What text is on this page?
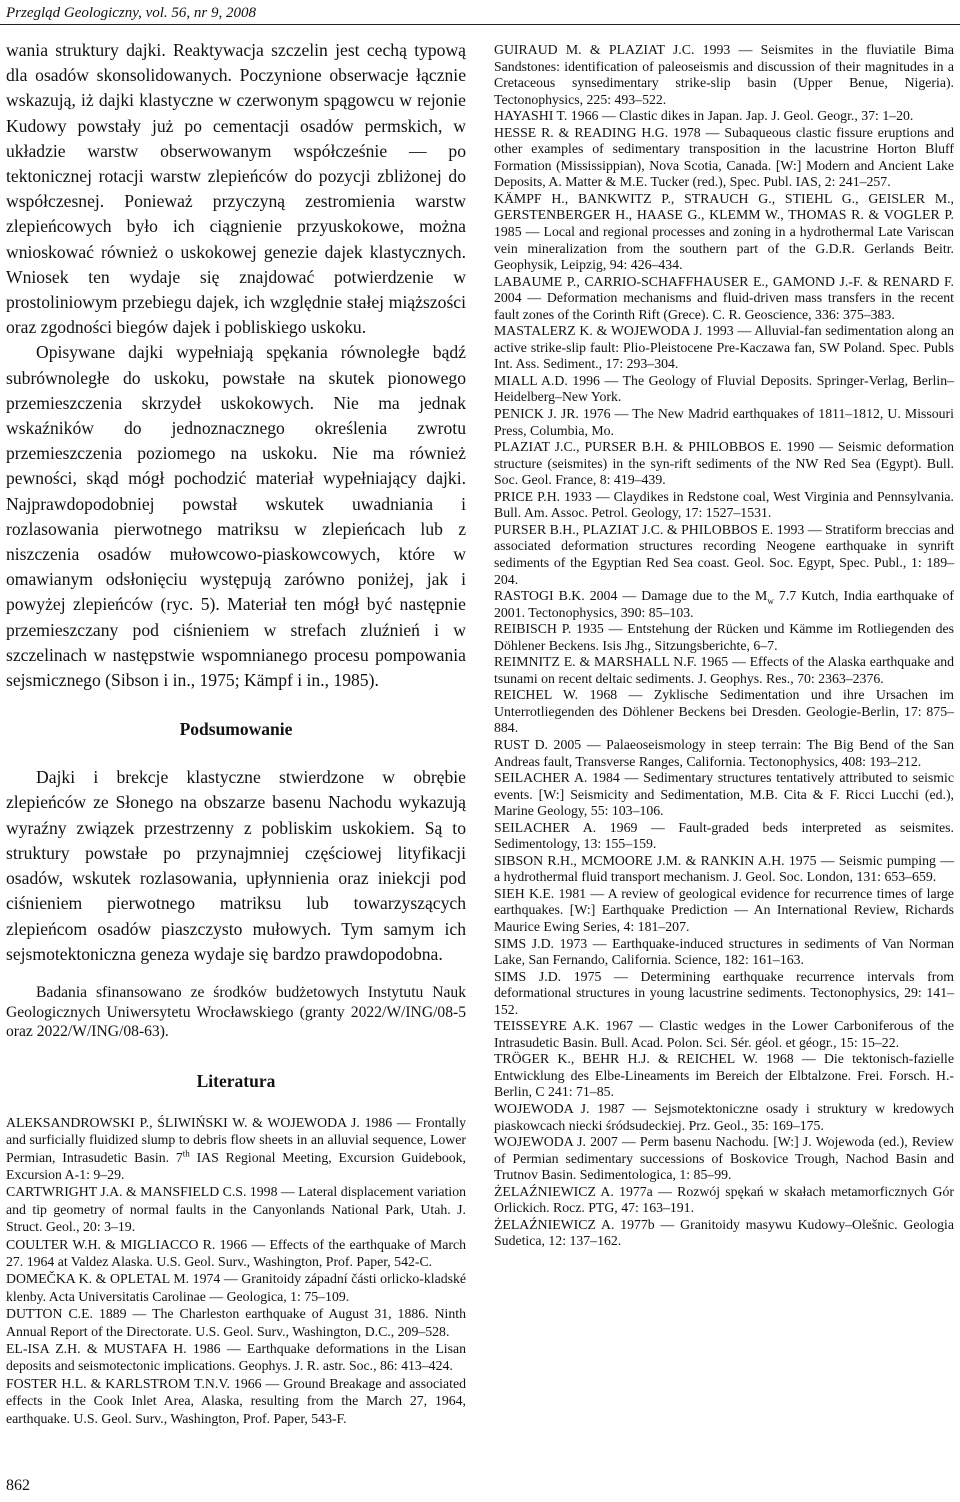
Przegląd Geologiczny, vol. 56, nr 9, 2008

wania struktury dajki. Reaktywacja szczelin jest cechą typową dla osadów skonsolidowanych. Poczynione obserwacje łącznie wskazują, iż dajki klastyczne w czerwonym spągowcu w rejonie Kudowy powstały już po cementacji osadów permskich, w układzie warstw obserwowanym współcześnie — po tektonicznej rotacji warstw zlepieńców do pozycji zbliżonej do współczesnej. Ponieważ przyczyną zestromienia warstw zlepieńcowych było ich ciągnienie przyuskokowe, można wnioskować również o uskokowej genezie dajek klastycznych. Wniosek ten wydaje się znajdować potwierdzenie w prostoliniowym przebiegu dajek, ich względnie stałej miąższości oraz zgodności biegów dajek i pobliskiego uskoku.

Opisywane dajki wypełniają spękania równoległe bądź subrównoległe do uskoku, powstałe na skutek pionowego przemieszczenia skrzydeł uskokowych. Nie ma jednak wskaźników do jednoznacznego określenia zwrotu przemieszczenia poziomego na uskoku. Nie ma również pewności, skąd mógł pochodzić materiał wypełniający dajki. Najprawdopodobniej powstał wskutek uwadniania i rozlasowania pierwotnego matriksu w zlepieńcach lub z niszczenia osadów mułowcowo-piaskowcowych, które w omawianym odsłonięciu występują zarówno poniżej, jak i powyżej zlepieńców (ryc. 5). Materiał ten mógł być następnie przemieszczany pod ciśnieniem w strefach zluźnień i w szczelinach w następstwie wspomnianego procesu pompowania sejsmicznego (Sibson i in., 1975; Kämpf i in., 1985).

Podsumowanie

Dajki i brekcje klastyczne stwierdzone w obrębie zlepieńców ze Słonego na obszarze basenu Nachodu wykazują wyraźny związek przestrzenny z pobliskim uskokiem. Są to struktury powstałe po przynajmniej częściowej lityfikacji osadów, wskutek rozlasowania, upłynnienia oraz iniekcji pod ciśnieniem pierwotnego matriksu lub towarzyszących zlepieńcom osadów piaszczysto mułowych. Tym samym ich sejsmotektoniczna geneza wydaje się bardzo prawdopodobna.

Badania sfinansowano ze środków budżetowych Instytutu Nauk Geologicznych Uniwersytetu Wrocławskiego (granty 2022/W/ING/08-5 oraz 2022/W/ING/08-63).

Literatura

ALEKSANDROWSKI P., ŚLIWIŃSKI W. & WOJEWODA J. 1986 — Frontally and surficially fluidized slump to debris flow sheets in an alluvial sequence, Lower Permian, Intrasudetic Basin. 7th IAS Regional Meeting, Excursion Guidebook, Excursion A-1: 9–29.

CARTWRIGHT J.A. & MANSFIELD C.S. 1998 — Lateral displacement variation and tip geometry of normal faults in the Canyonlands National Park, Utah. J. Struct. Geol., 20: 3–19.

COULTER W.H. & MIGLIACCO R. 1966 — Effects of the earthquake of March 27. 1964 at Valdez Alaska. U.S. Geol. Surv., Washington, Prof. Paper, 542-C.

DOMEČKA K. & OPLETAL M. 1974 — Granitoidy západní části orlicko-kladské klenby. Acta Universitatis Carolinae — Geologica, 1: 75–109.

DUTTON C.E. 1889 — The Charleston earthquake of August 31, 1886. Ninth Annual Report of the Directorate. U.S. Geol. Surv., Washington, D.C., 209–528.

EL-ISA Z.H. & MUSTAFA H. 1986 — Earthquake deformations in the Lisan deposits and seismotectonic implications. Geophys. J. R. astr. Soc., 86: 413–424.

FOSTER H.L. & KARLSTROM T.N.V. 1966 — Ground Breakage and associated effects in the Cook Inlet Area, Alaska, resulting from the March 27, 1964, earthquake. U.S. Geol. Surv., Washington, Prof. Paper, 543-F.

GUIRAUD M. & PLAZIAT J.C. 1993 — Seismites in the fluviatile Bima Sandstones: identification of paleoseismis and discussion of their magnitudes in a Cretaceous synsedimentary strike-slip basin (Upper Benue, Nigeria). Tectonophysics, 225: 493–522.

HAYASHI T. 1966 — Clastic dikes in Japan. Jap. J. Geol. Geogr., 37: 1–20.

HESSE R. & READING H.G. 1978 — Subaqueous clastic fissure eruptions and other examples of sedimentary transposition in the lacustrine Horton Bluff Formation (Mississippian), Nova Scotia, Canada. [W:] Modern and Ancient Lake Deposits, A. Matter & M.E. Tucker (red.), Spec. Publ. IAS, 2: 241–257.

KÄMPF H., BANKWITZ P., STRAUCH G., STIEHL G., GEISLER M., GERSTENBERGER H., HAASE G., KLEMM W., THOMAS R. & VOGLER P. 1985 — Local and regional processes and zoning in a hydrothermal Late Variscan vein mineralization from the southern part of the G.D.R. Gerlands Beitr. Geophysik, Leipzig, 94: 426–434.

LABAUME P., CARRIO-SCHAFFHAUSER E., GAMOND J.-F. & RENARD F. 2004 — Deformation mechanisms and fluid-driven mass transfers in the recent fault zones of the Corinth Rift (Grece). C. R. Geoscience, 336: 375–383.

MASTALERZ K. & WOJEWODA J. 1993 — Alluvial-fan sedimentation along an active strike-slip fault: Plio-Pleistocene Pre-Kaczawa fan, SW Poland. Spec. Publs Int. Ass. Sediment., 17: 293–304.

MIALL A.D. 1996 — The Geology of Fluvial Deposits. Springer-Verlag, Berlin–Heidelberg–New York.

PENICK J. JR. 1976 — The New Madrid earthquakes of 1811–1812, U. Missouri Press, Columbia, Mo.

PLAZIAT J.C., PURSER B.H. & PHILOBBOS E. 1990 — Seismic deformation structure (seismites) in the syn-rift sediments of the NW Red Sea (Egypt). Bull. Soc. Geol. France, 8: 419–439.

PRICE P.H. 1933 — Claydikes in Redstone coal, West Virginia and Pennsylvania. Bull. Am. Assoc. Petrol. Geology, 17: 1527–1531.

PURSER B.H., PLAZIAT J.C. & PHILOBBOS E. 1993 — Stratiform breccias and associated deformation structures recording Neogene earthquake in synrift sediments of the Egyptian Red Sea coast. Geol. Soc. Egypt, Spec. Publ., 1: 189–204.

RASTOGI B.K. 2004 — Damage due to the $M_w$ 7.7 Kutch, India earthquake of 2001. Tectonophysics, 390: 85–103.

REIBISCH P. 1935 — Entstehung der Rücken und Kämme im Rotliegenden des Döhlener Beckens. Isis Jhg., Sitzungsberichte, 6–7.

REIMNITZ E. & MARSHALL N.F. 1965 — Effects of the Alaska earthquake and tsunami on recent deltaic sediments. J. Geophys. Res., 70: 2363–2376.

REICHEL W. 1968 — Zyklische Sedimentation und ihre Ursachen im Unterrotliegenden des Döhlener Beckens bei Dresden. Geologie-Berlin, 17: 875–884.

RUST D. 2005 — Palaeoseismology in steep terrain: The Big Bend of the San Andreas fault, Transverse Ranges, California. Tectonophysics, 408: 193–212.

SEILACHER A. 1984 — Sedimentary structures tentatively attributed to seismic events. [W:] Seismicity and Sedimentation, M.B. Cita & F. Ricci Lucchi (ed.), Marine Geology, 55: 103–106.

SEILACHER A. 1969 — Fault-graded beds interpreted as seismites. Sedimentology, 13: 155–159.

SIBSON R.H., MCMOORE J.M. & RANKIN A.H. 1975 — Seismic pumping — a hydrothermal fluid transport mechanism. J. Geol. Soc. London, 131: 653–659.

SIEH K.E. 1981 — A review of geological evidence for recurrence times of large earthquakes. [W:] Earthquake Prediction — An International Review, Richards Maurice Ewing Series, 4: 181–207.

SIMS J.D. 1973 — Earthquake-induced structures in sediments of Van Norman Lake, San Fernando, California. Science, 182: 161–163.

SIMS J.D. 1975 — Determining earthquake recurrence intervals from deformational structures in young lacustrine sediments. Tectonophysics, 29: 141–152.

TEISSEYRE A.K. 1967 — Clastic wedges in the Lower Carboniferous of the Intrasudetic Basin. Bull. Acad. Polon. Sci. Sér. géol. et géogr., 15: 15–22.

TRÖGER K., BEHR H.J. & REICHEL W. 1968 — Die tektonisch-fazielle Entwicklung des Elbe-Lineaments im Bereich der Elbtalzone. Frei. Forsch. H.-Berlin, C 241: 71–85.

WOJEWODA J. 1987 — Sejsmotektoniczne osady i struktury w kredowych piaskowcach niecki śródsudeckiej. Prz. Geol., 35: 169–175.

WOJEWODA J. 2007 — Perm basenu Nachodu. [W:] J. Wojewoda (ed.), Review of Permian sedimentary successions of Boskovice Trough, Nachod Basin and Trutnov Basin. Sedimentologica, 1: 85–99.

ŻELAŹNIEWICZ A. 1977a — Rozwój spękań w skałach metamorficznych Gór Orlickich. Rocz. PTG, 47: 163–191.

ŻELAŹNIEWICZ A. 1977b — Granitoidy masywu Kudowy–Olešnic. Geologia Sudetica, 12: 137–162.

862
